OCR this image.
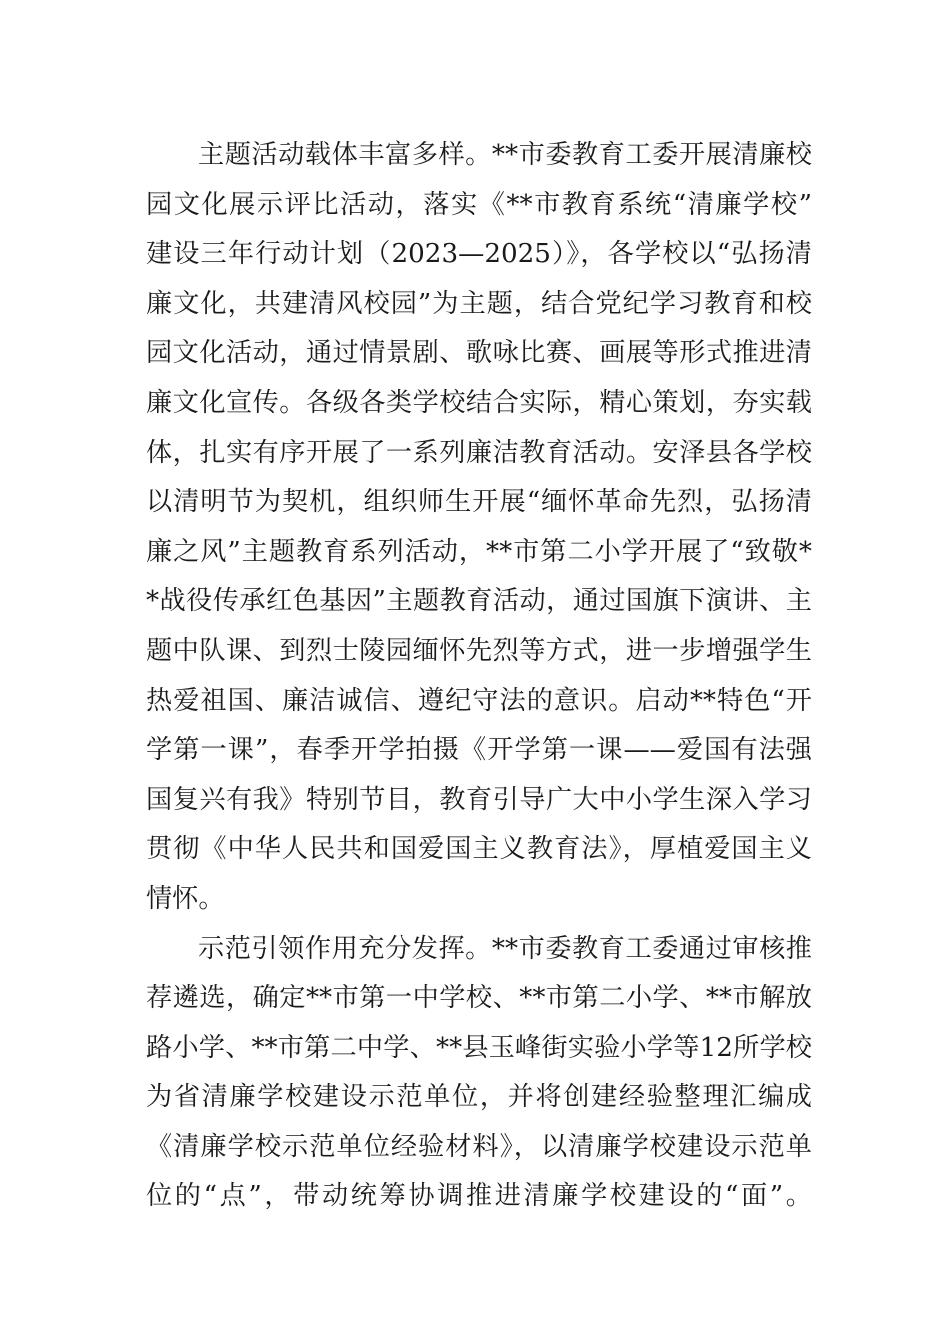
主题活动载体丰富多样。**市委教育工委开展清廉校
园文化展示评比活动，落实《**市教育系统“清廉学校”
建设三年行动计划（2023—2025）》，各学校以“弘扬清
廉文化，共建清风校园”为主题，结合党纪学习教育和校
园文化活动，通过情景剧、歌咏比赛、画展等形式推进清
廉文化宣传。各级各类学校结合实际，精心策划，夯实载
体，扎实有序开展了一系列廉洁教育活动。安泽县各学校
以清明节为契机，组织师生开展“缅怀革命先烈，弘扬清
廉之风”主题教育系列活动，**市第二小学开展了“致敬*
*战役传承红色基因”主题教育活动，通过国旗下演讲、主
题中队课、到烈士陵园缅怀先烈等方式，进一步增强学生
热爱祖国、廉洁诚信、遵纪守法的意识。启动**特色“开
学第一课”，春季开学拍摄《开学第一课——爱国有法强
国复兴有我》特别节目，教育引导广大中小学生深入学习
贯彻《中华人民共和国爱国主义教育法》，厚植爱国主义
情怀。
示范引领作用充分发挥。**市委教育工委通过审核推
荐遴选，确定**市第一中学校、**市第二小学、**市解放
路小学、**市第二中学、**县玉峰街实验小学等12所学校
为省清廉学校建设示范单位，并将创建经验整理汇编成
《清廉学校示范单位经验材料》，以清廉学校建设示范单
位的“点”，带动统筹协调推进清廉学校建设的“面”。
